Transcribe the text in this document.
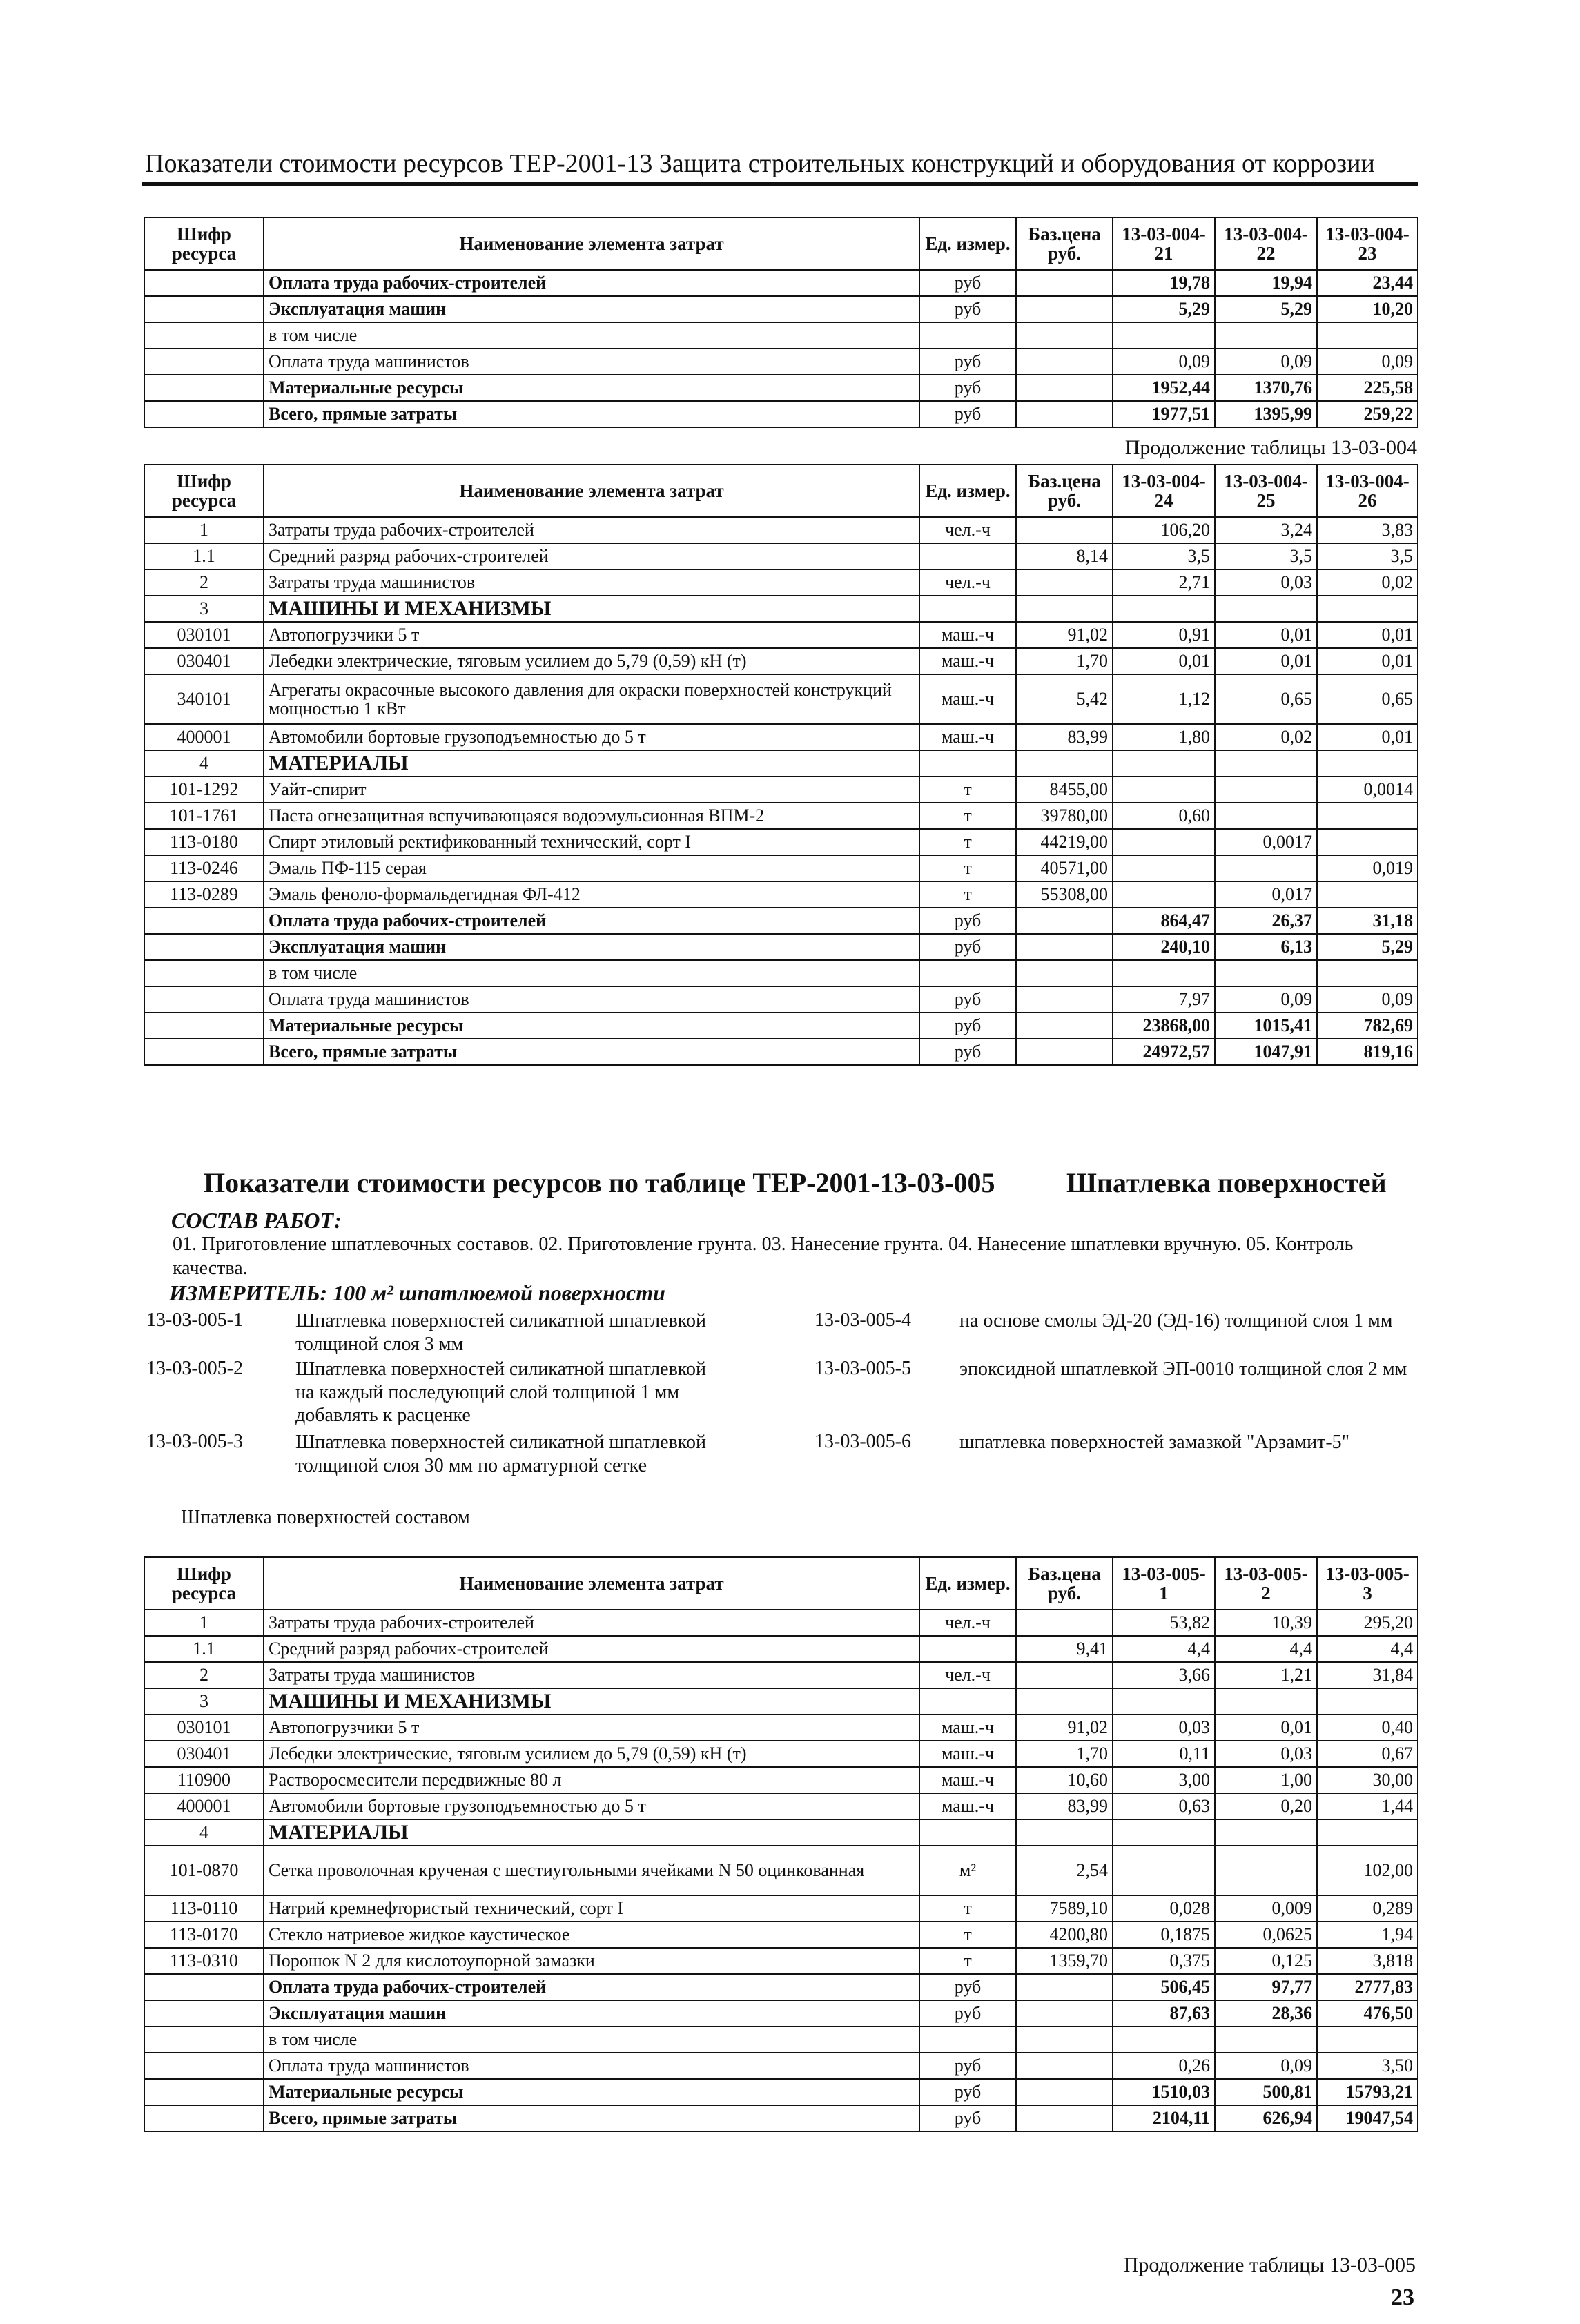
Показатели стоимости ресурсов ТЕР-2001-13 Защита строительных конструкций и оборудования от коррозии
Шифр ресурса	Наименование элемента затрат	Ед. измер.	Баз.цена руб.	13-03-004-21	13-03-004-22	13-03-004-23
	Оплата труда рабочих-строителей	руб		19,78	19,94	23,44
	Эксплуатация машин	руб		5,29	5,29	10,20
	в том числе					
	Оплата труда машинистов	руб		0,09	0,09	0,09
	Материальные ресурсы	руб		1952,44	1370,76	225,58
	Всего, прямые затраты	руб		1977,51	1395,99	259,22
Продолжение таблицы 13-03-004
Шифр ресурса	Наименование элемента затрат	Ед. измер.	Баз.цена руб.	13-03-004-24	13-03-004-25	13-03-004-26
1	Затраты труда рабочих-строителей	чел.-ч		106,20	3,24	3,83
1.1	Средний разряд рабочих-строителей		8,14	3,5	3,5	3,5
2	Затраты труда машинистов	чел.-ч		2,71	0,03	0,02
3	МАШИНЫ И МЕХАНИЗМЫ					
030101	Автопогрузчики 5 т	маш.-ч	91,02	0,91	0,01	0,01
030401	Лебедки электрические, тяговым усилием до 5,79 (0,59) кН (т)	маш.-ч	1,70	0,01	0,01	0,01
340101	Агрегаты окрасочные высокого давления для окраски поверхностей конструкций мощностью 1 кВт	маш.-ч	5,42	1,12	0,65	0,65
400001	Автомобили бортовые грузоподъемностью до 5 т	маш.-ч	83,99	1,80	0,02	0,01
4	МАТЕРИАЛЫ					
101-1292	Уайт-спирит	т	8455,00			0,0014
101-1761	Паста огнезащитная вспучивающаяся водоэмульсионная ВПМ-2	т	39780,00	0,60		
113-0180	Спирт этиловый ректификованный технический, сорт I	т	44219,00		0,0017	
113-0246	Эмаль ПФ-115 серая	т	40571,00			0,019
113-0289	Эмаль феноло-формальдегидная ФЛ-412	т	55308,00		0,017	
	Оплата труда рабочих-строителей	руб		864,47	26,37	31,18
	Эксплуатация машин	руб		240,10	6,13	5,29
	в том числе					
	Оплата труда машинистов	руб		7,97	0,09	0,09
	Материальные ресурсы	руб		23868,00	1015,41	782,69
	Всего, прямые затраты	руб		24972,57	1047,91	819,16
Показатели стоимости ресурсов по таблице ТЕР-2001-13-03-005	Шпатлевка поверхностей
СОСТАВ РАБОТ:
01. Приготовление шпатлевочных составов. 02. Приготовление грунта. 03. Нанесение грунта. 04. Нанесение шпатлевки вручную. 05. Контроль качества.
ИЗМЕРИТЕЛЬ: 100 м² шпатлюемой поверхности
13-03-005-1	Шпатлевка поверхностей силикатной шпатлевкой толщиной слоя 3 мм
13-03-005-2	Шпатлевка поверхностей силикатной шпатлевкой на каждый последующий слой толщиной 1 мм добавлять к расценке
13-03-005-3	Шпатлевка поверхностей силикатной шпатлевкой толщиной слоя 30 мм по арматурной сетке
13-03-005-4	на основе смолы ЭД-20 (ЭД-16) толщиной слоя 1 мм
13-03-005-5	эпоксидной шпатлевкой ЭП-0010 толщиной слоя 2 мм
13-03-005-6	шпатлевка поверхностей замазкой "Арзамит-5"
Шпатлевка поверхностей составом
Шифр ресурса	Наименование элемента затрат	Ед. измер.	Баз.цена руб.	13-03-005-1	13-03-005-2	13-03-005-3
1	Затраты труда рабочих-строителей	чел.-ч		53,82	10,39	295,20
1.1	Средний разряд рабочих-строителей		9,41	4,4	4,4	4,4
2	Затраты труда машинистов	чел.-ч		3,66	1,21	31,84
3	МАШИНЫ И МЕХАНИЗМЫ					
030101	Автопогрузчики 5 т	маш.-ч	91,02	0,03	0,01	0,40
030401	Лебедки электрические, тяговым усилием до 5,79 (0,59) кН (т)	маш.-ч	1,70	0,11	0,03	0,67
110900	Растворосмесители передвижные 80 л	маш.-ч	10,60	3,00	1,00	30,00
400001	Автомобили бортовые грузоподъемностью до 5 т	маш.-ч	83,99	0,63	0,20	1,44
4	МАТЕРИАЛЫ					
101-0870	Сетка проволочная крученая с шестиугольными ячейками N 50 оцинкованная	м²	2,54			102,00
113-0110	Натрий кремнефтористый технический, сорт I	т	7589,10	0,028	0,009	0,289
113-0170	Стекло натриевое жидкое каустическое	т	4200,80	0,1875	0,0625	1,94
113-0310	Порошок N 2 для кислотоупорной замазки	т	1359,70	0,375	0,125	3,818
	Оплата труда рабочих-строителей	руб		506,45	97,77	2777,83
	Эксплуатация машин	руб		87,63	28,36	476,50
	в том числе					
	Оплата труда машинистов	руб		0,26	0,09	3,50
	Материальные ресурсы	руб		1510,03	500,81	15793,21
	Всего, прямые затраты	руб		2104,11	626,94	19047,54
Продолжение таблицы 13-03-005
23
